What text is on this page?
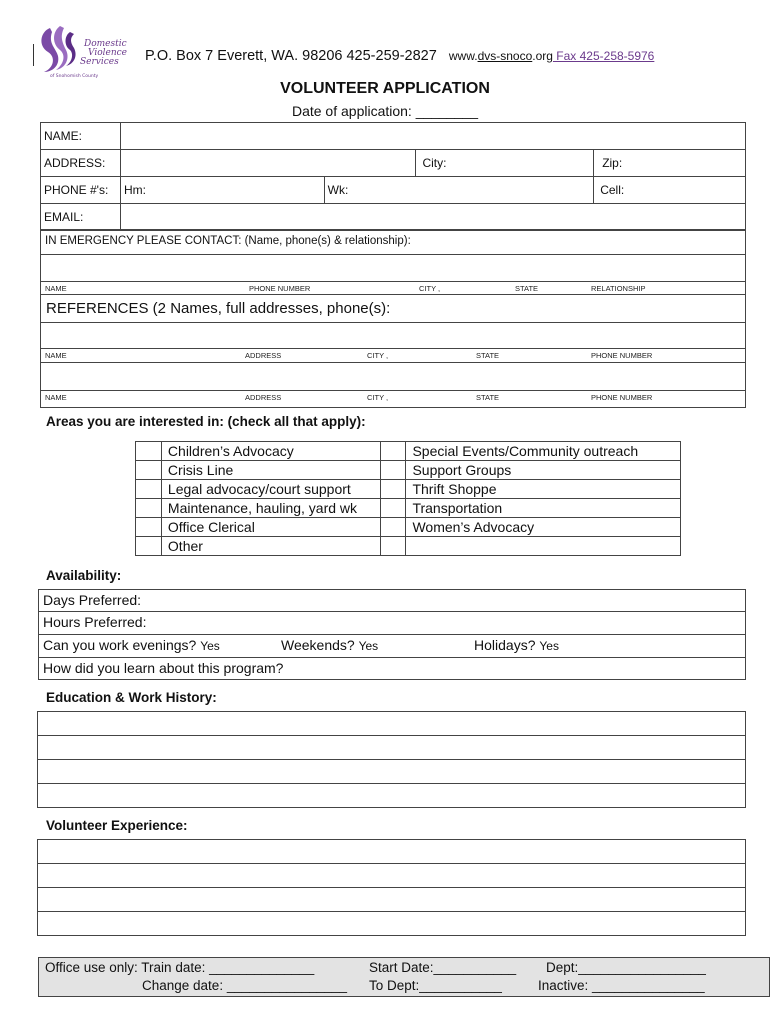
Domestic
Violence
Services
of Snohomish County
P.O. Box 7 Everett, WA. 98206 425-259-2827 www.dvs-snoco.org Fax 425-258-5976
VOLUNTEER APPLICATION
Date of application: ________
NAME:				
ADDRESS:			City:	Zip:
PHONE #'s:	Hm:	Wk:		Cell:
EMAIL:				
IN EMERGENCY PLEASE CONTACT: (Name, phone(s) & relationship):
NAME	PHONE NUMBER	CITY ,	STATE	RELATIONSHIP
REFERENCES (2 Names, full addresses, phone(s):
NAME	ADDRESS	CITY ,	STATE	PHONE NUMBER
NAME	ADDRESS	CITY ,	STATE	PHONE NUMBER
Areas you are interested in: (check all that apply):
	Children’s Advocacy		Special Events/Community outreach
	Crisis Line		Support Groups
	Legal advocacy/court support		Thrift Shoppe
	Maintenance, hauling, yard wk		Transportation
	Office Clerical		Women’s Advocacy
	Other		
Availability:
Days Preferred:
Hours Preferred:
Can you work evenings? Yes	Weekends? Yes	Holidays? Yes
How did you learn about this program?
Education & Work History:
Volunteer Experience:
Office use only: Train date: ______________	Start Date:___________ Dept:_________________
Change date: ________________ To Dept:___________	Inactive: _______________
